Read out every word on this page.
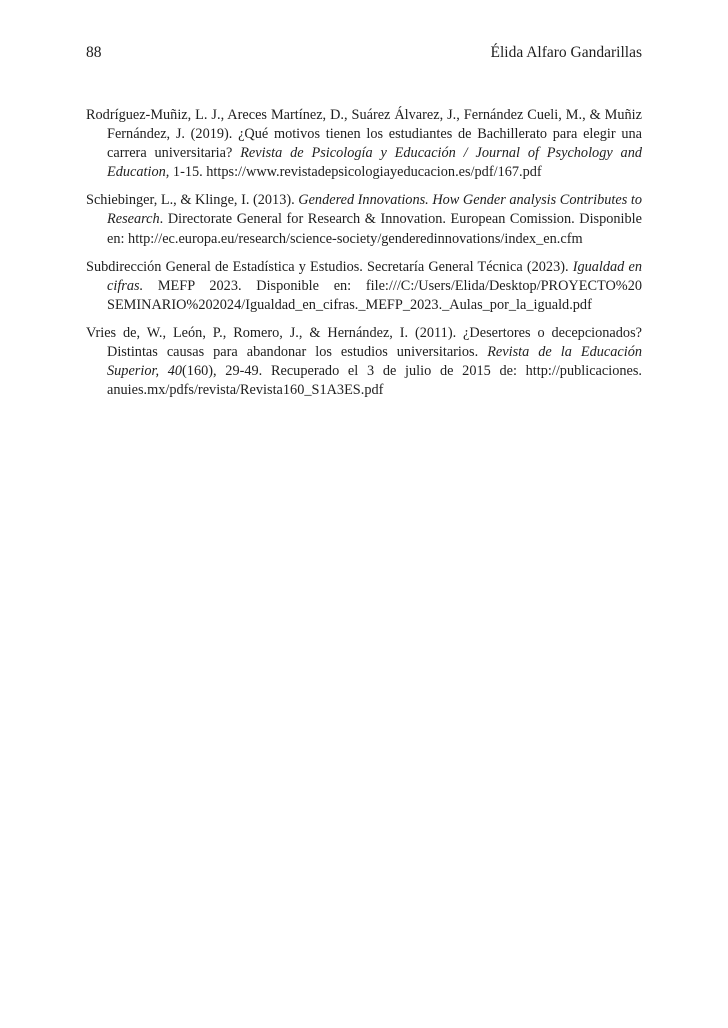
88	Élida Alfaro Gandarillas

Rodríguez-Muñiz, L. J., Areces Martínez, D., Suárez Álvarez, J., Fernández Cueli, M., & Muñiz Fernández, J. (2019). ¿Qué motivos tienen los estudiantes de Bachillerato para elegir una carrera universitaria? Revista de Psicología y Educación / Journal of Psychology and Education, 1-15. https://www.revistadepsicologiayeducacion.es/pdf/167.pdf

Schiebinger, L., & Klinge, I. (2013). Gendered Innovations. How Gender analysis Contributes to Research. Directorate General for Research & Innovation. European Comission. Disponible en: http://ec.europa.eu/research/science-society/genderedinnovations/index_en.cfm

Subdirección General de Estadística y Estudios. Secretaría General Técnica (2023). Igualdad en cifras. MEFP 2023. Disponible en: file:///C:/Users/Elida/Desktop/PROYECTO%20 SEMINARIO%202024/Igualdad_en_cifras._MEFP_2023._Aulas_por_la_iguald.pdf

Vries de, W., León, P., Romero, J., & Hernández, I. (2011). ¿Desertores o decepcionados? Distintas causas para abandonar los estudios universitarios. Revista de la Educación Superior, 40(160), 29-49. Recuperado el 3 de julio de 2015 de: http://publicaciones. anuies.mx/pdfs/revista/Revista160_S1A3ES.pdf
